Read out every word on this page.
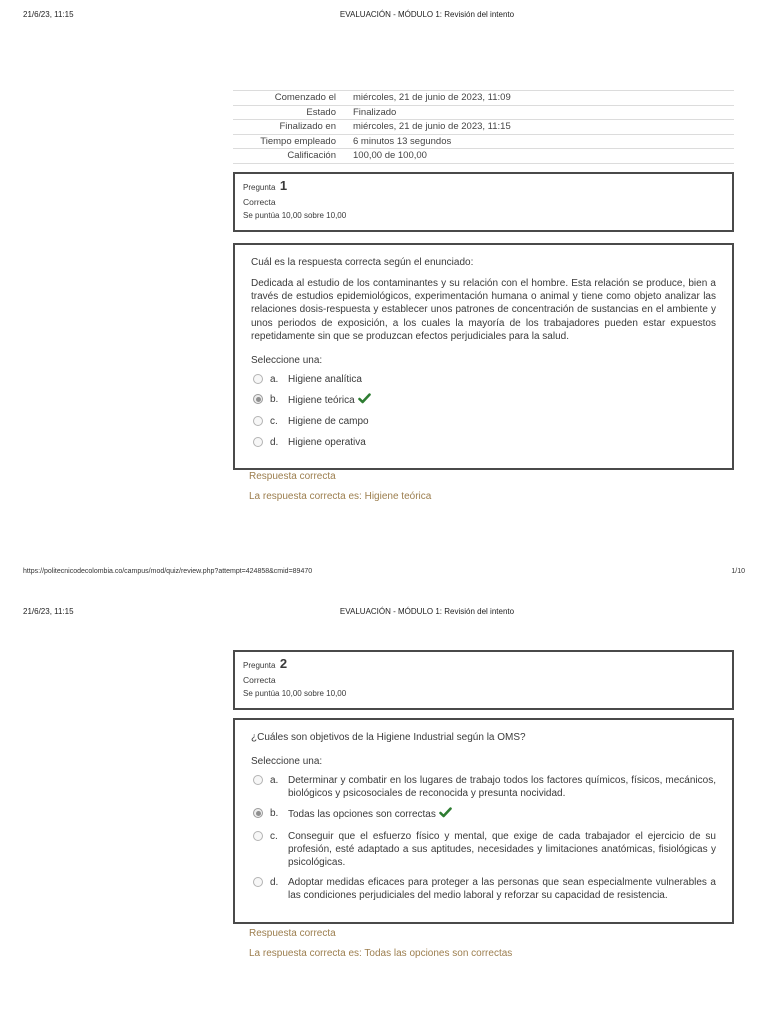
21/6/23, 11:15	EVALUACIÓN - MÓDULO 1: Revisión del intento
Comenzado el	miércoles, 21 de junio de 2023, 11:09
Estado	Finalizado
Finalizado en	miércoles, 21 de junio de 2023, 11:15
Tiempo empleado	6 minutos 13 segundos
Calificación	100,00 de 100,00
Pregunta 1
Correcta
Se puntúa 10,00 sobre 10,00
Cuál es la respuesta correcta según el enunciado:
Dedicada al estudio de los contaminantes y su relación con el hombre. Esta relación se produce, bien a través de estudios epidemiológicos, experimentación humana o animal y tiene como objeto analizar las relaciones dosis-respuesta y establecer unos patrones de concentración de sustancias en el ambiente y unos periodos de exposición, a los cuales la mayoría de los trabajadores pueden estar expuestos repetidamente sin que se produzcan efectos perjudiciales para la salud.
Seleccione una:
a. Higiene analítica
b. Higiene teórica
c.	Higiene de campo
d. Higiene operativa
Respuesta correcta
La respuesta correcta es: Higiene teórica
https://politecnicodecolombia.co/campus/mod/quiz/review.php?attempt=424858&cmid=89470	1/10
21/6/23, 11:15	EVALUACIÓN - MÓDULO 1: Revisión del intento
Pregunta 2
Correcta
Se puntúa 10,00 sobre 10,00
¿Cuáles son objetivos de la Higiene Industrial según la OMS?
Seleccione una:
a. Determinar y combatir en los lugares de trabajo todos los factores químicos, físicos, mecánicos, biológicos y psicosociales de reconocida y presunta nocividad.
b. Todas las opciones son correctas
c.	Conseguir que el esfuerzo físico y mental, que exige de cada trabajador el ejercicio de su profesión, esté adaptado a sus aptitudes, necesidades y limitaciones anatómicas, fisiológicas y psicológicas.
d. Adoptar medidas eficaces para proteger a las personas que sean especialmente vulnerables a las condiciones perjudiciales del medio laboral y reforzar su capacidad de resistencia.
Respuesta correcta
La respuesta correcta es: Todas las opciones son correctas
